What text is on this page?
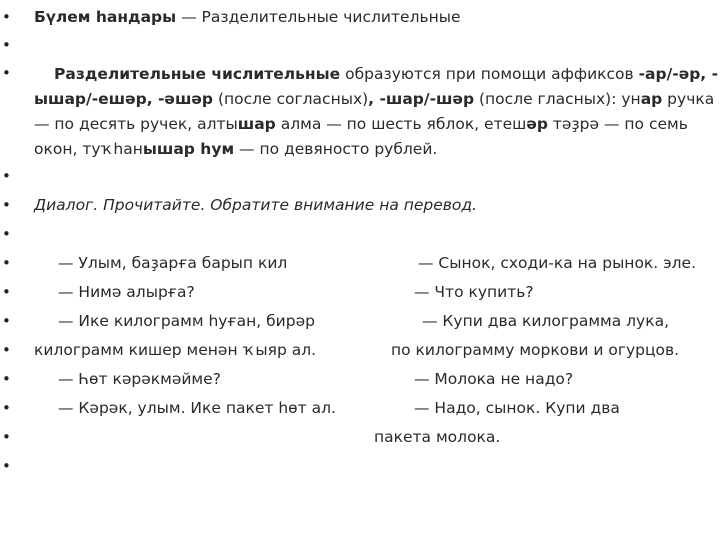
•
•
•
•
•
•
•
•
•
•
•
•
•
•
Бүлем һандары — Разделительные числительные
Разделительные числительные образуются при помощи аффиксов -ар/-әр, -
ышар/-ешәр, -әшәр (после согласных), -шар/-шәр (после гласных): унар ручка
— по десять ручек, алтышар алма — по шесть яблок, етешәр тәҙрә — по семь
окон, туҡһанышар һум — по девяносто рублей.
Диалог. Прочитайте. Обратите внимание на перевод.
— Улым, баҙарға барып кил
— Нимә алырға?
— Ике килограмм һуған, бирәр
килограмм кишер менән ҡыяр ал.
— Һөт кәрәкмәйме?
— Кәрәк, улым. Ике пакет һөт ал.
— Сынок, сходи-ка на рынок. эле.
— Что купить?
— Купи два килограмма лука,
по килограмму моркови и огурцов.
— Молока не надо?
— Надо, сынок. Купи два
пакета молока.
